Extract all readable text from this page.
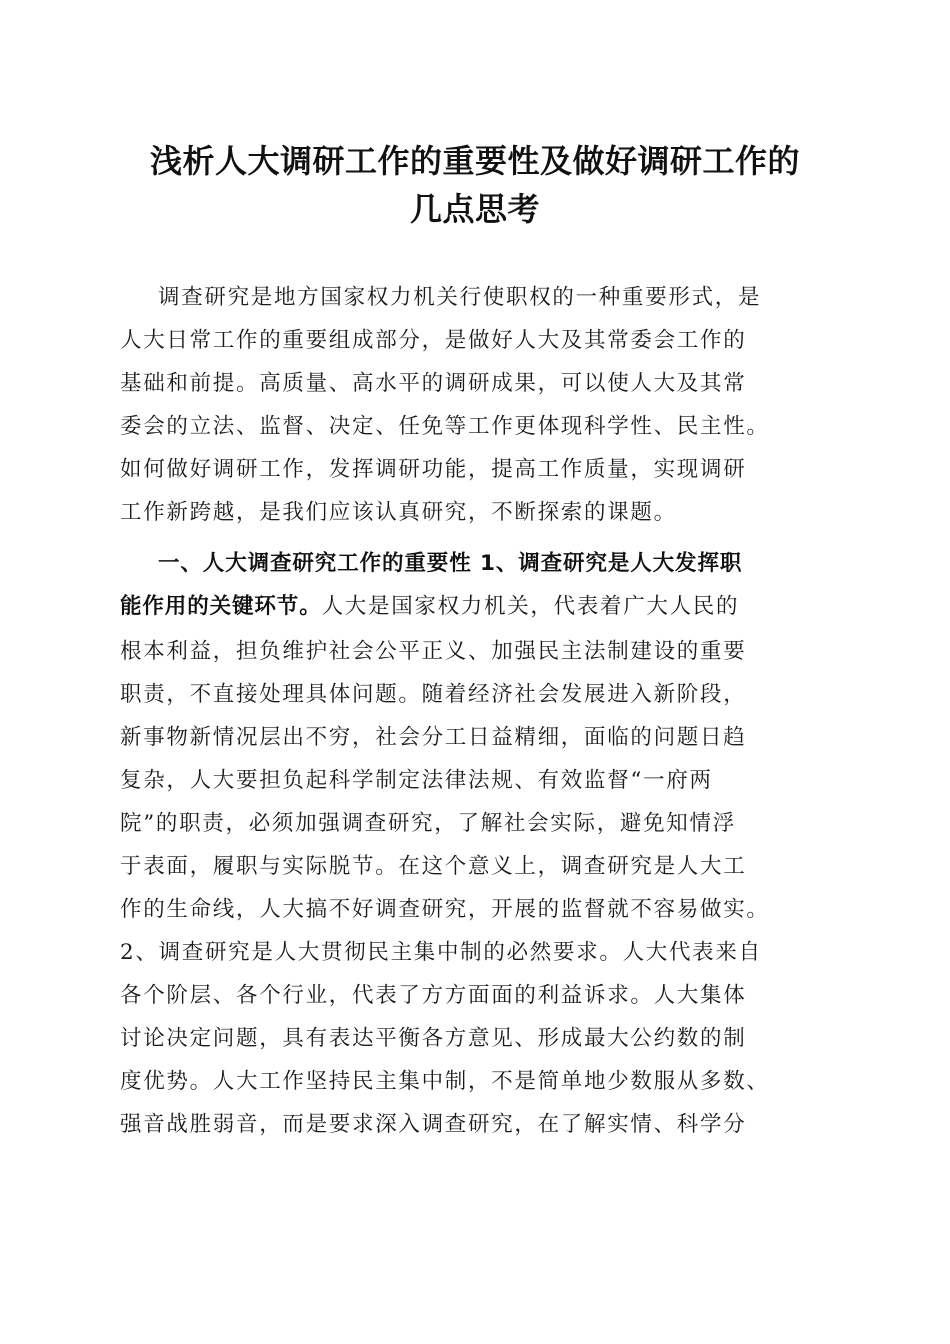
浅析人大调研工作的重要性及做好调研工作的
几点思考

调查研究是地方国家权力机关行使职权的一种重要形式，是

人大日常工作的重要组成部分，是做好人大及其常委会工作的

基础和前提。高质量、高水平的调研成果，可以使人大及其常

委会的立法、监督、决定、任免等工作更体现科学性、民主性。

如何做好调研工作，发挥调研功能，提高工作质量，实现调研

工作新跨越，是我们应该认真研究，不断探索的课题。

一、人大调查研究工作的重要性 1、调查研究是人大发挥职

能作用的关键环节。人大是国家权力机关，代表着广大人民的

根本利益，担负维护社会公平正义、加强民主法制建设的重要

职责，不直接处理具体问题。随着经济社会发展进入新阶段，

新事物新情况层出不穷，社会分工日益精细，面临的问题日趋

复杂，人大要担负起科学制定法律法规、有效监督“一府两

院”的职责，必须加强调查研究，了解社会实际，避免知情浮

于表面，履职与实际脱节。在这个意义上，调查研究是人大工

作的生命线，人大搞不好调查研究，开展的监督就不容易做实。

2、调查研究是人大贯彻民主集中制的必然要求。人大代表来自

各个阶层、各个行业，代表了方方面面的利益诉求。人大集体

讨论决定问题，具有表达平衡各方意见、形成最大公约数的制

度优势。人大工作坚持民主集中制，不是简单地少数服从多数、

强音战胜弱音，而是要求深入调查研究，在了解实情、科学分
